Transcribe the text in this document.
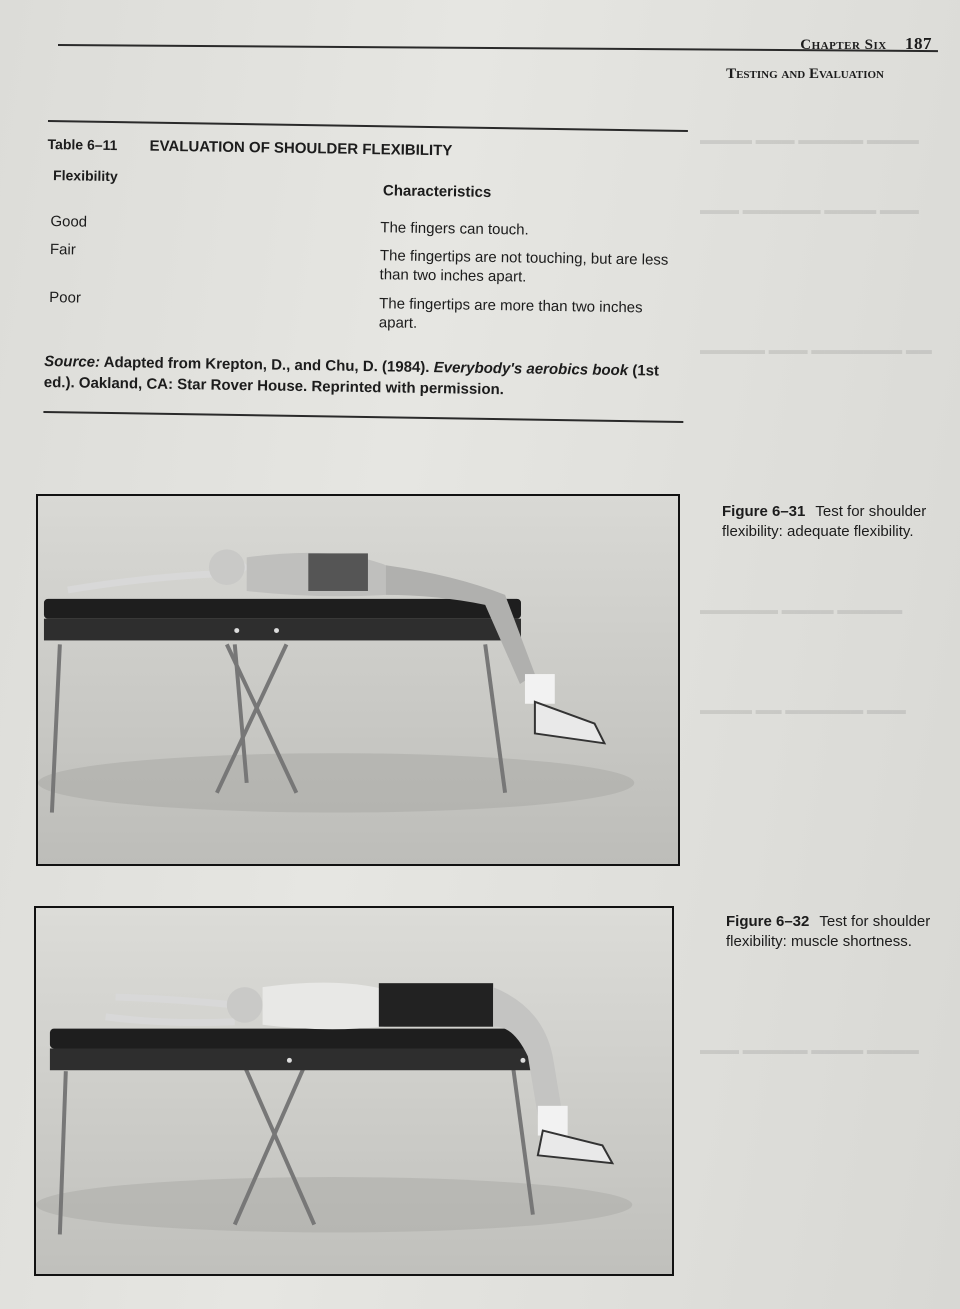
▬▬▬▬ ▬▬▬ ▬▬▬▬▬ ▬▬▬▬
▬▬▬ ▬▬▬▬▬▬ ▬▬▬▬ ▬▬▬
▬▬▬▬▬ ▬▬▬ ▬▬▬▬▬▬▬ ▬▬
▬▬▬▬▬▬ ▬▬▬▬ ▬▬▬▬▬
▬▬▬▬ ▬▬ ▬▬▬▬▬▬ ▬▬▬
▬▬▬ ▬▬▬▬▬ ▬▬▬▬ ▬▬▬▬
Chapter Six 187
Testing and Evaluation
Table 6–11 EVALUATION OF SHOULDER FLEXIBILITY
Flexibility
Characteristics
Good	The fingers can touch.
Fair	The fingertips are not touching, but are less than two inches apart.
Poor	The fingertips are more than two inches apart.
Source: Adapted from Krepton, D., and Chu, D. (1984). Everybody's aerobics book (1st ed.). Oakland, CA: Star Rover House. Reprinted with permission.
Figure 6–31 Test for shoulder flexibility: adequate flexibility.
Figure 6–32 Test for shoulder flexibility: muscle shortness.
